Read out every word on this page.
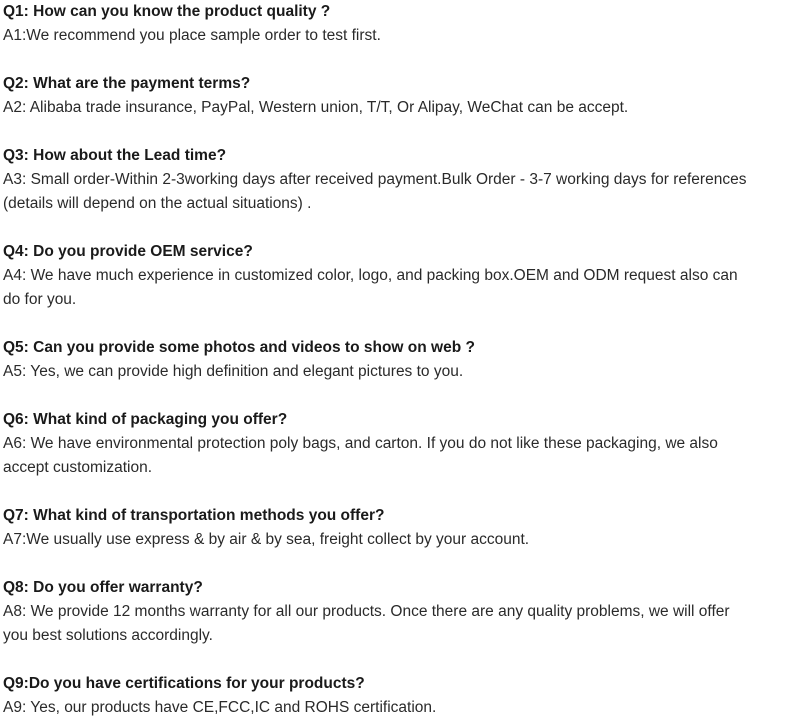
Q1: How can you know the product quality ?
A1:We recommend you place sample order to test first.
Q2: What are the payment terms?
A2: Alibaba trade insurance, PayPal, Western union, T/T, Or Alipay, WeChat can be accept.
Q3: How about the Lead time?
A3: Small order-Within 2-3working days after received payment.Bulk Order - 3-7 working days for references (details will depend on the actual situations) .
Q4: Do you provide OEM service?
A4: We have much experience in customized color, logo, and packing box.OEM and ODM request also can do for you.
Q5: Can you provide some photos and videos to show on web ?
A5: Yes, we can provide high definition and elegant pictures to you.
Q6: What kind of packaging you offer?
A6: We have environmental protection poly bags, and carton. If you do not like these packaging, we also accept customization.
Q7: What kind of transportation methods you offer?
A7:We usually use express & by air & by sea, freight collect by your account.
Q8: Do you offer warranty?
A8: We provide 12 months warranty for all our products. Once there are any quality problems, we will offer you best solutions accordingly.
Q9:Do you have certifications for your products?
A9: Yes, our products have CE,FCC,IC and ROHS certification.
